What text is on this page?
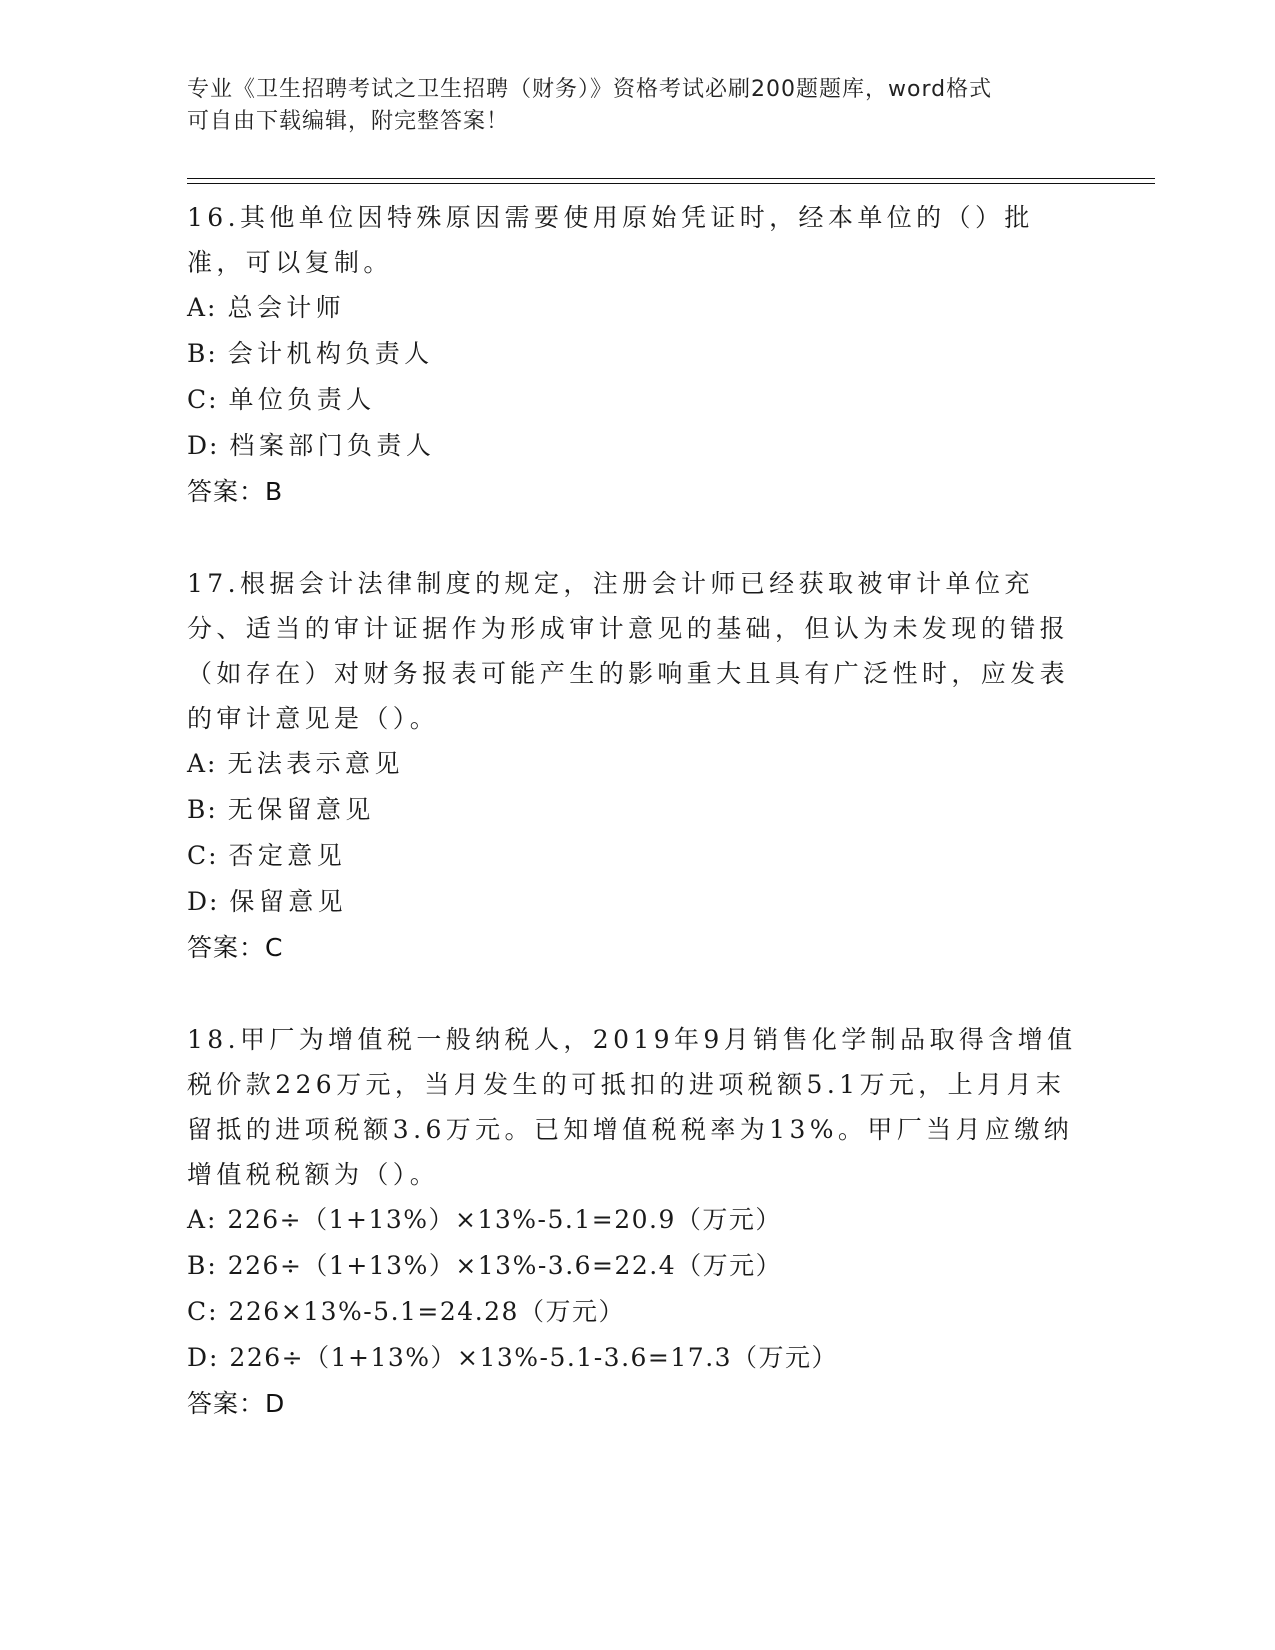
专业《卫生招聘考试之卫生招聘（财务）》资格考试必刷200题题库，word格式
可自由下载编辑，附完整答案！
16.其他单位因特殊原因需要使用原始凭证时，经本单位的（）批准，可以复制。
A: 总会计师
B: 会计机构负责人
C: 单位负责人
D: 档案部门负责人
答案：B
17.根据会计法律制度的规定，注册会计师已经获取被审计单位充分、适当的审计证据作为形成审计意见的基础，但认为未发现的错报（如存在）对财务报表可能产生的影响重大且具有广泛性时，应发表的审计意见是（）。
A: 无法表示意见
B: 无保留意见
C: 否定意见
D: 保留意见
答案：C
18.甲厂为增值税一般纳税人，2019年9月销售化学制品取得含增值税价款226万元，当月发生的可抵扣的进项税额5.1万元，上月月末留抵的进项税额3.6万元。已知增值税税率为13%。甲厂当月应缴纳增值税税额为（）。
A: 226÷（1+13%）×13%-5.1=20.9（万元）
B: 226÷（1+13%）×13%-3.6=22.4（万元）
C: 226×13%-5.1=24.28（万元）
D: 226÷（1+13%）×13%-5.1-3.6=17.3（万元）
答案：D
